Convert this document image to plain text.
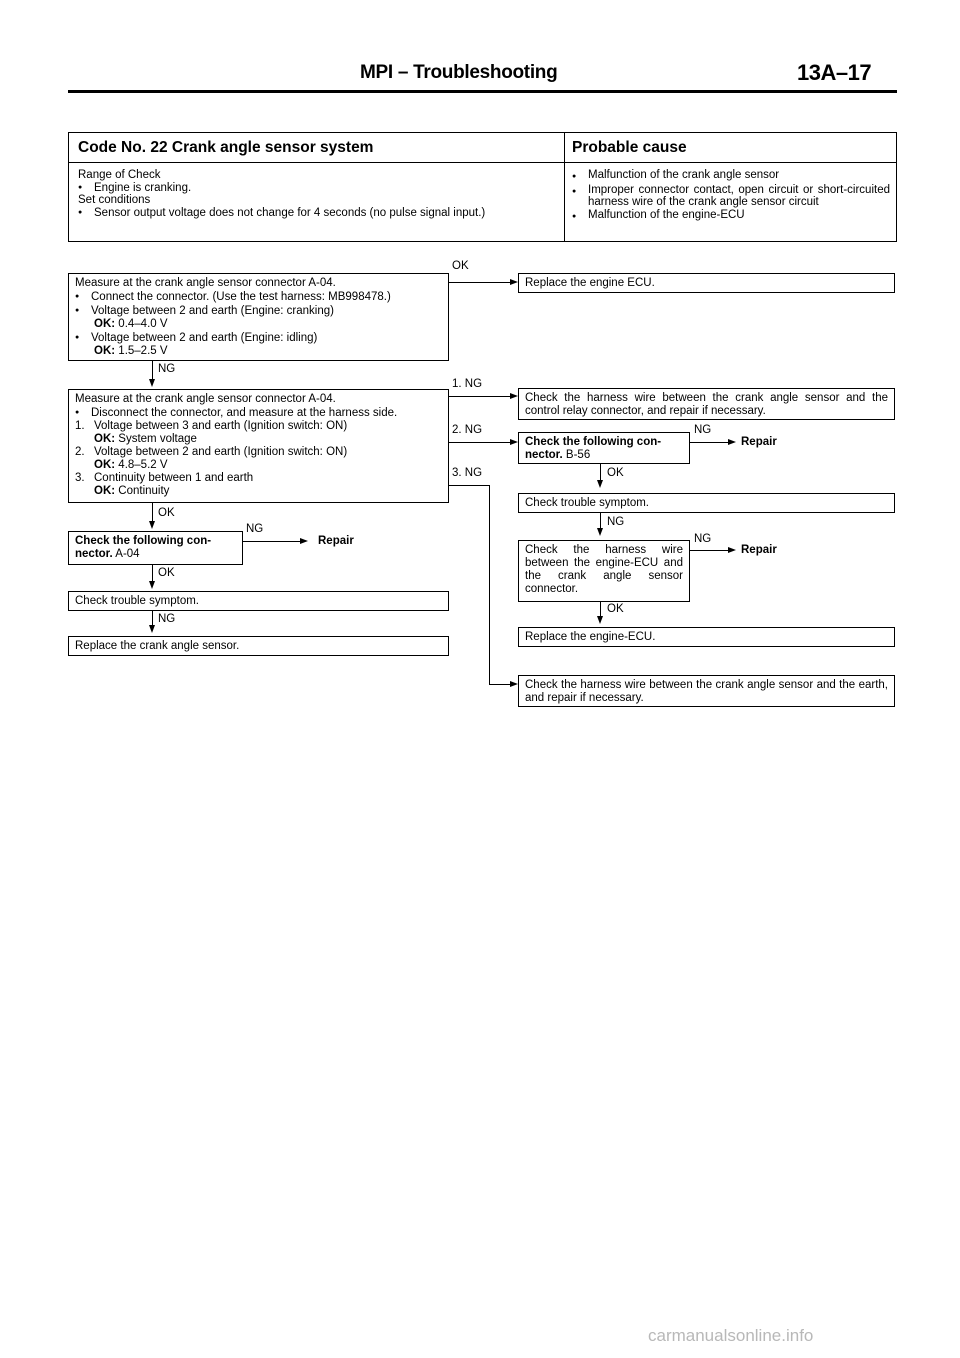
MPI – Troubleshooting	13A–17
Code No. 22 Crank angle sensor system	Probable cause
Range of Check
● Engine is cranking.
Set conditions
● Sensor output voltage does not change for 4 seconds (no pulse signal input.)
●	Malfunction of the crank angle sensor
●	Improper connector contact, open circuit or short-circuited harness wire of the crank angle sensor circuit
●	Malfunction of the engine-ECU
Measure at the crank angle sensor connector A-04.
● Connect the connector. (Use the test harness: MB998478.)
● Voltage between 2 and earth (Engine: cranking)
OK: 0.4–4.0 V
● Voltage between 2 and earth (Engine: idling)
OK: 1.5–2.5 V
OK
Replace the engine ECU.
NG
Measure at the crank angle sensor connector A-04.
● Disconnect the connector, and measure at the harness side.
1. Voltage between 3 and earth (Ignition switch: ON)
OK: System voltage
2. Voltage between 2 and earth (Ignition switch: ON)
OK: 4.8–5.2 V
3. Continuity between 1 and earth
OK: Continuity
1. NG
Check the harness wire between the crank angle sensor and the control relay connector, and repair if necessary.
2. NG
Check the following con-nector. B-56
NG
Repair
OK
Check trouble symptom.
NG
Check the harness wire between the engine-ECU and the crank angle sensor connector.
NG
Repair
OK
Replace the engine-ECU.
3. NG
Check the harness wire between the crank angle sensor and the earth, and repair if necessary.
OK
Check the following con-nector. A-04
NG
Repair
OK
Check trouble symptom.
NG
Replace the crank angle sensor.
carmanualsonline.info
